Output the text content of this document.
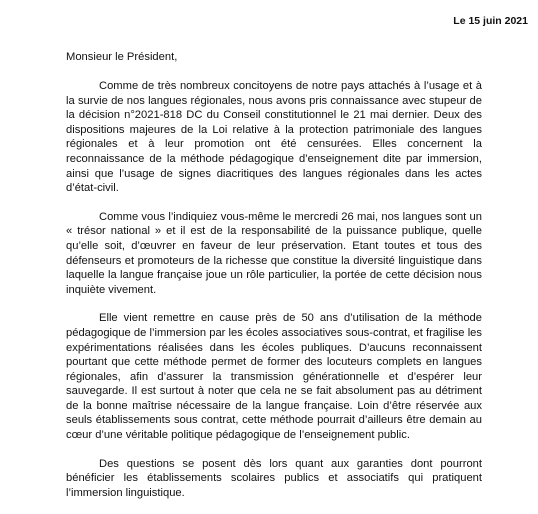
Le 15 juin 2021
Monsieur le Président,

Comme de très nombreux concitoyens de notre pays attachés à l’usage et à la survie de nos langues régionales, nous avons pris connaissance avec stupeur de la décision n°2021-818 DC du Conseil constitutionnel le 21 mai dernier. Deux des dispositions majeures de la Loi relative à la protection patrimoniale des langues régionales et à leur promotion ont été censurées. Elles concernent la reconnaissance de la méthode pédagogique d’enseignement dite par immersion, ainsi que l’usage de signes diacritiques des langues régionales dans les actes d’état-civil.

Comme vous l’indiquiez vous-même le mercredi 26 mai, nos langues sont un « trésor national » et il est de la responsabilité de la puissance publique, quelle qu’elle soit, d’œuvrer en faveur de leur préservation. Etant toutes et tous des défenseurs et promoteurs de la richesse que constitue la diversité linguistique dans laquelle la langue française joue un rôle particulier, la portée de cette décision nous inquiète vivement.

Elle vient remettre en cause près de 50 ans d’utilisation de la méthode pédagogique de l’immersion par les écoles associatives sous-contrat, et fragilise les expérimentations réalisées dans les écoles publiques. D’aucuns reconnaissent pourtant que cette méthode permet de former des locuteurs complets en langues régionales, afin d’assurer la transmission générationnelle et d’espérer leur sauvegarde. Il est surtout à noter que cela ne se fait absolument pas au détriment de la bonne maîtrise nécessaire de la langue française. Loin d’être réservée aux seuls établissements sous contrat, cette méthode pourrait d’ailleurs être demain au cœur d’une véritable politique pédagogique de l’enseignement public.

Des questions se posent dès lors quant aux garanties dont pourront bénéficier les établissements scolaires publics et associatifs qui pratiquent l’immersion linguistique.
